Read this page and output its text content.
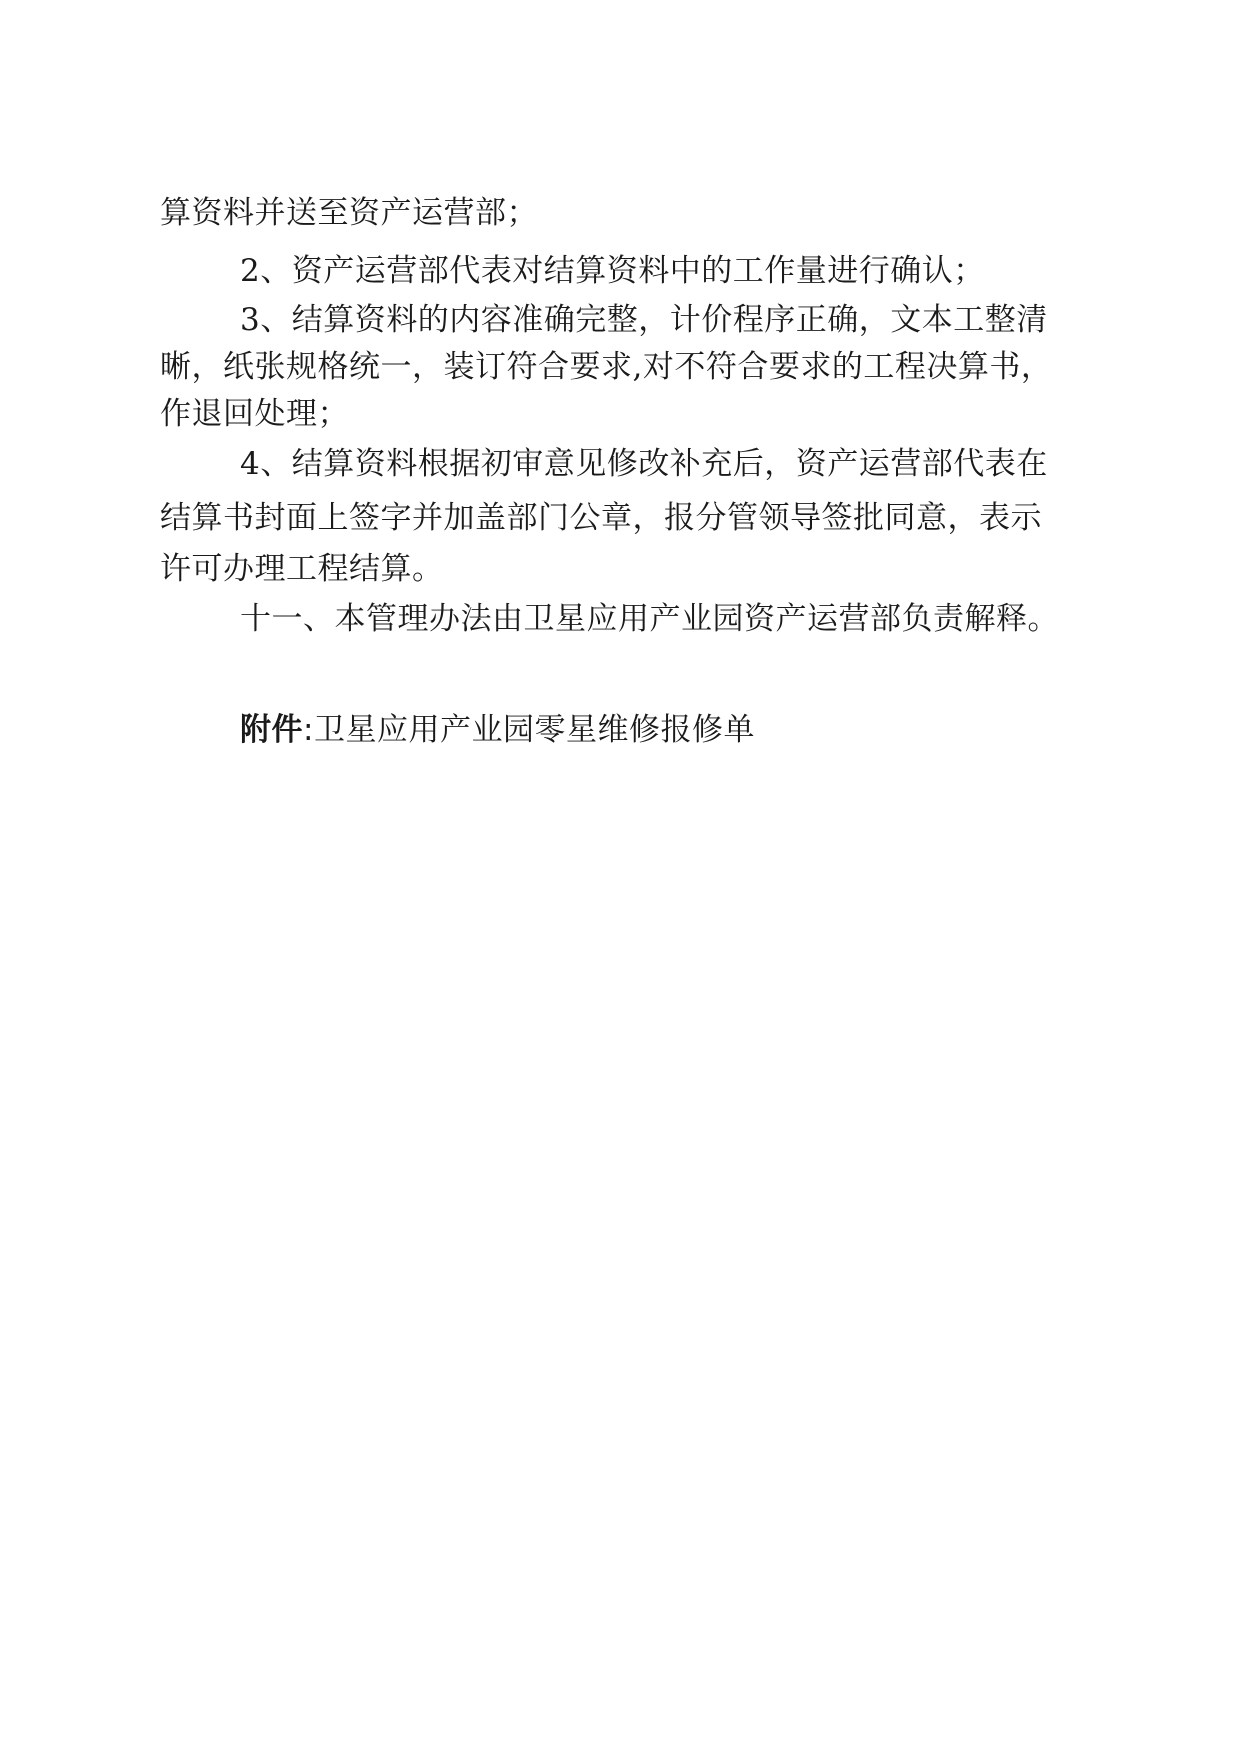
算资料并送至资产运营部；
2、资产运营部代表对结算资料中的工作量进行确认；
3、结算资料的内容准确完整，计价程序正确，文本工整清
晰，纸张规格统一，装订符合要求,对不符合要求的工程决算书，
作退回处理；
4、结算资料根据初审意见修改补充后，资产运营部代表在
结算书封面上签字并加盖部门公章，报分管领导签批同意，表示
许可办理工程结算。
十一、本管理办法由卫星应用产业园资产运营部负责解释。
附件:卫星应用产业园零星维修报修单
